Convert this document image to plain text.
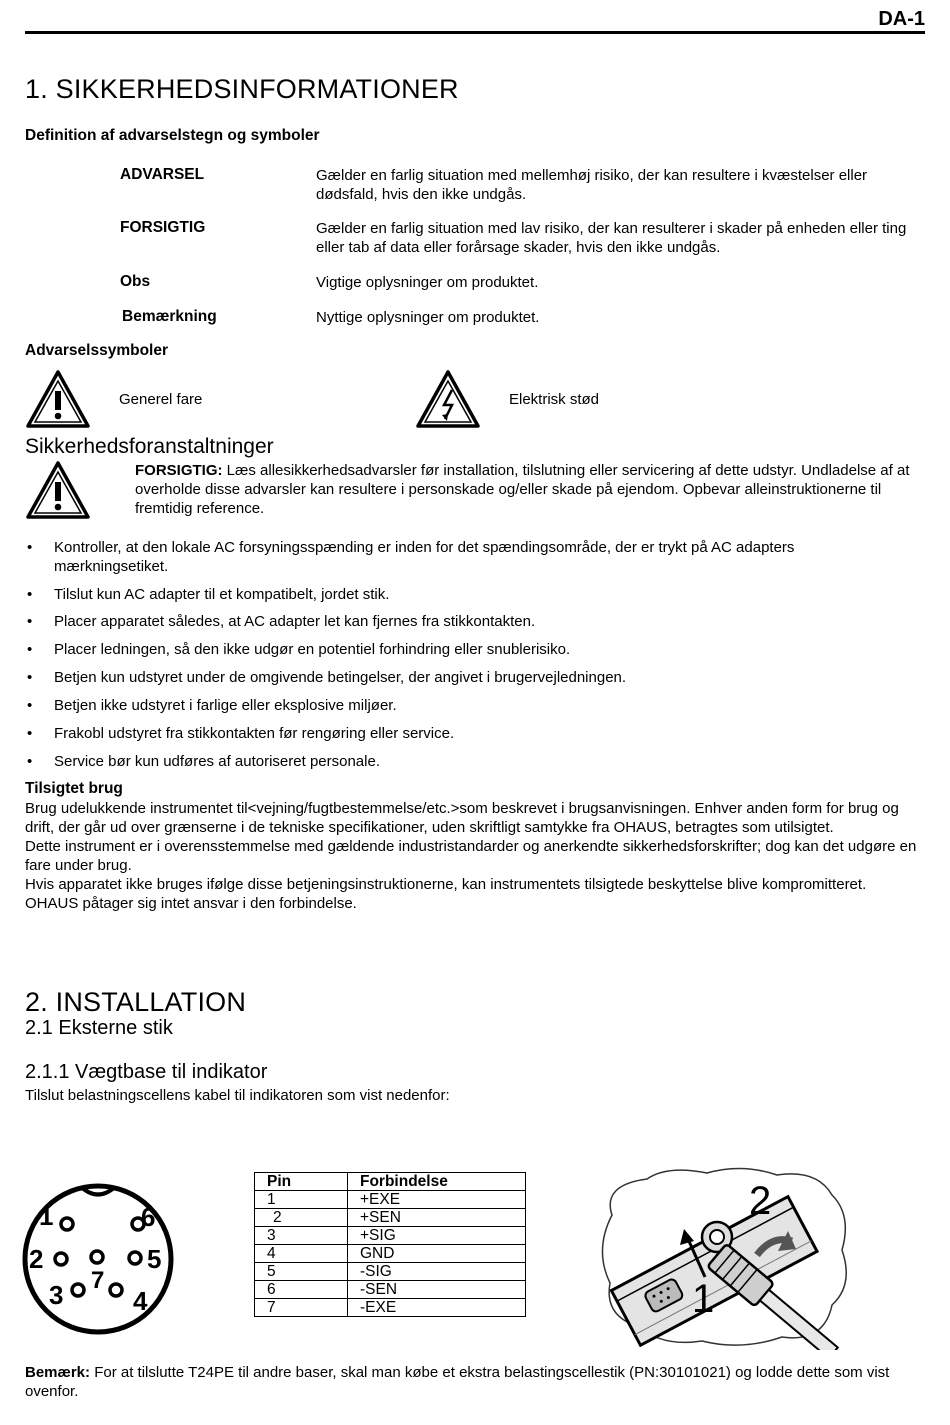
DA-1
1. SIKKERHEDSINFORMATIONER
Definition af advarselstegn og symboler
ADVARSEL	Gælder en farlig situation med mellemhøj risiko, der kan resultere i kvæstelser eller dødsfald, hvis den ikke undgås.
FORSIGTIG	Gælder en farlig situation med lav risiko, der kan resulterer i skader på enheden eller ting eller tab af data eller forårsage skader, hvis den ikke undgås.
Obs	Vigtige oplysninger om produktet.
Bemærkning	Nyttige oplysninger om produktet.
Advarselssymboler
Generel fare	Elektrisk stød
Sikkerhedsforanstaltninger
FORSIGTIG: Læs allesikkerhedsadvarsler før installation, tilslutning eller servicering af dette udstyr. Undladelse af at overholde disse advarsler kan resultere i personskade og/eller skade på ejendom. Opbevar alleinstruktionerne til fremtidig reference.
• Kontroller, at den lokale AC forsyningsspænding er inden for det spændingsområde, der er trykt på AC adapters mærkningsetiket.
• Tilslut kun AC adapter til et kompatibelt, jordet stik.
• Placer apparatet således, at AC adapter let kan fjernes fra stikkontakten.
• Placer ledningen, så den ikke udgør en potentiel forhindring eller snublerisiko.
• Betjen kun udstyret under de omgivende betingelser, der angivet i brugervejledningen.
• Betjen ikke udstyret i farlige eller eksplosive miljøer.
• Frakobl udstyret fra stikkontakten før rengøring eller service.
• Service bør kun udføres af autoriseret personale.
Tilsigtet brug
Brug udelukkende instrumentet til<vejning/fugtbestemmelse/etc.>som beskrevet i brugsanvisningen. Enhver anden form for brug og drift, der går ud over grænserne i de tekniske specifikationer, uden skriftligt samtykke fra OHAUS, betragtes som utilsigtet.
Dette instrument er i overensstemmelse med gældende industristandarder og anerkendte sikkerhedsforskrifter; dog kan det udgøre en fare under brug.
Hvis apparatet ikke bruges ifølge disse betjeningsinstruktionerne, kan instrumentets tilsigtede beskyttelse blive kompromitteret. OHAUS påtager sig intet ansvar i den forbindelse.
2. INSTALLATION
2.1 Eksterne stik
2.1.1 Vægtbase til indikator
Tilslut belastningscellens kabel til indikatoren som vist nedenfor:
1
2
3	4
5
6
7
Pin	Forbindelse
1	+EXE
2	+SEN
3	+SIG
4	GND
5	-SIG
6	-SEN
7	-EXE	1
2
Bemærk: For at tilslutte T24PE til andre baser, skal man købe et ekstra belastingscellestik (PN:30101021) og lodde dette som vist ovenfor.
